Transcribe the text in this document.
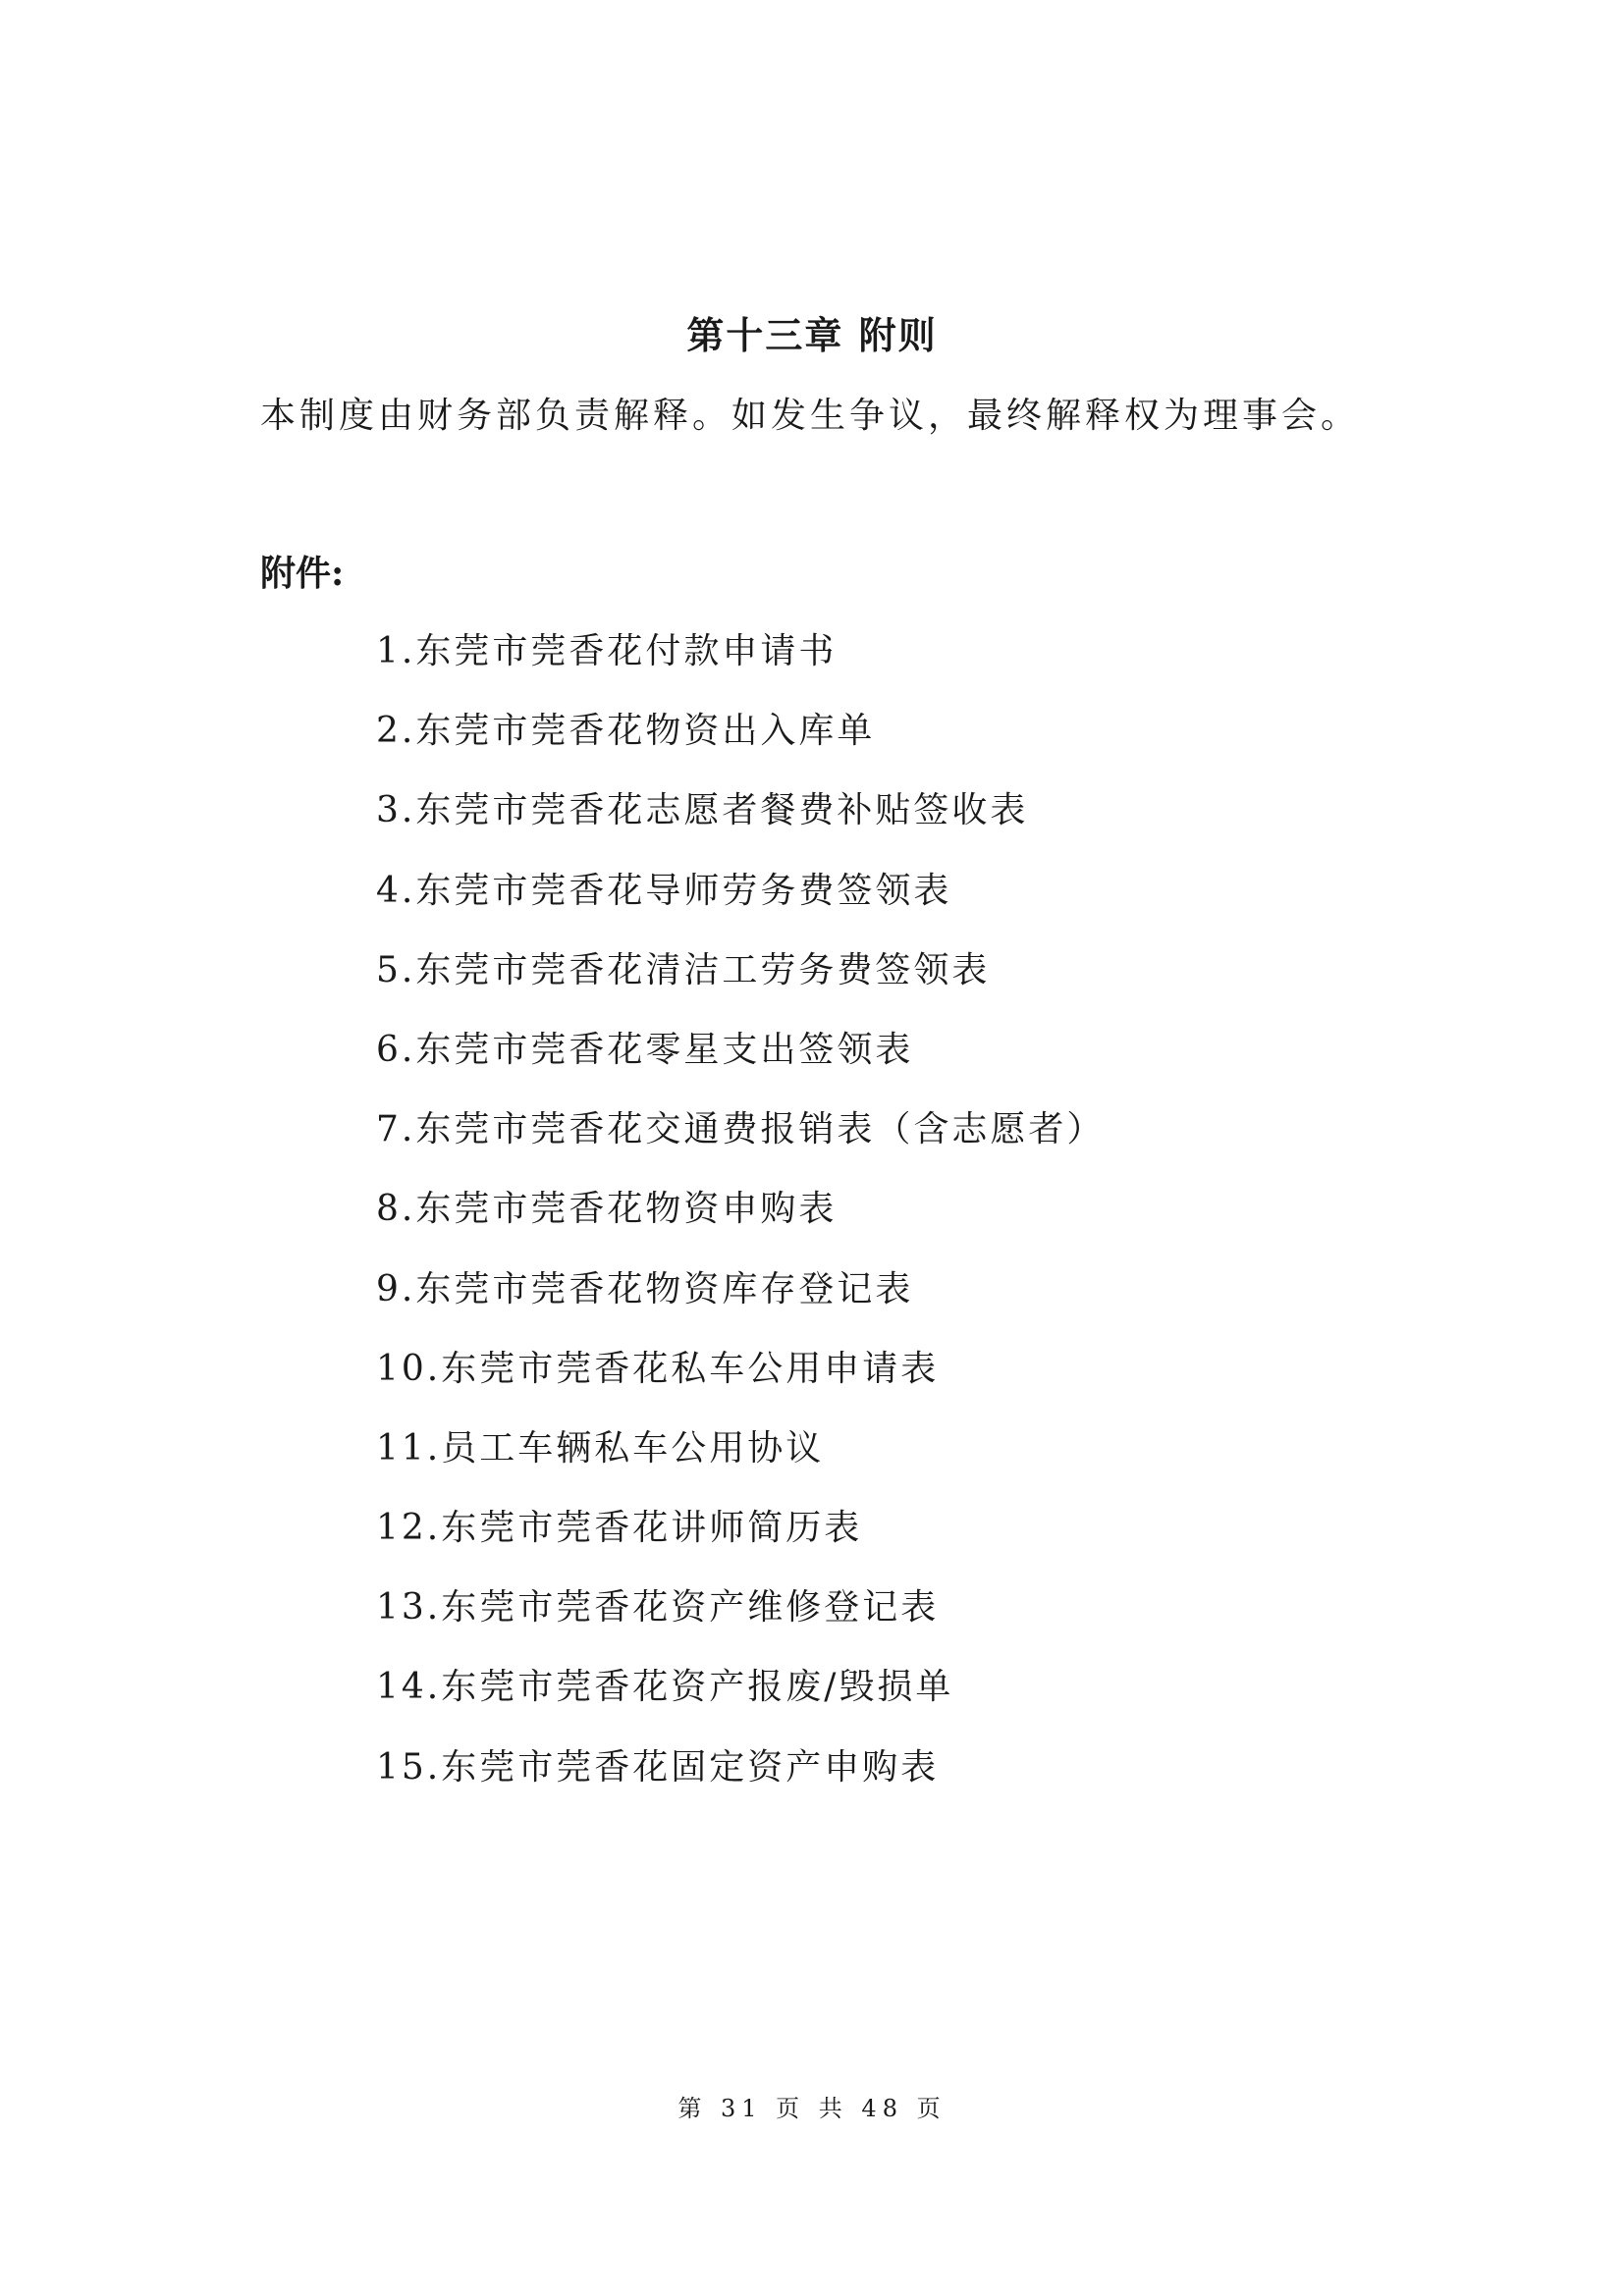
第十三章 附则
本制度由财务部负责解释。如发生争议，最终解释权为理事会。
附件:
1.东莞市莞香花付款申请书
2.东莞市莞香花物资出入库单
3.东莞市莞香花志愿者餐费补贴签收表
4.东莞市莞香花导师劳务费签领表
5.东莞市莞香花清洁工劳务费签领表
6.东莞市莞香花零星支出签领表
7.东莞市莞香花交通费报销表（含志愿者）
8.东莞市莞香花物资申购表
9.东莞市莞香花物资库存登记表
10.东莞市莞香花私车公用申请表
11.员工车辆私车公用协议
12.东莞市莞香花讲师简历表
13.东莞市莞香花资产维修登记表
14.东莞市莞香花资产报废/毁损单
15.东莞市莞香花固定资产申购表
第 31 页 共 48 页
